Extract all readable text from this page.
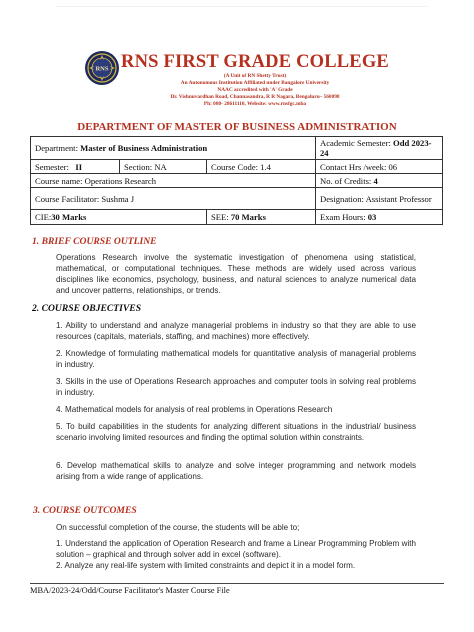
RNS RNS FIRST GRADE COLLEGE
(A Unit of RN Shetty Trust)
An Autonomous Institution Affiliated under Bangalore University
NAAC accredited with 'A' Grade
Dr. Vishnuvardhan Road, Channasandra, R R Nagara, Bengaluru– 560098
Ph: 080- 28611110, Website: www.rnsfgc.mba
DEPARTMENT OF MASTER OF BUSINESS ADMINISTRATION
Department: Master of Business Administration			Academic Semester: Odd 2023-24
Semester: II	Section: NA	Course Code: 1.4	Contact Hrs /week: 06
Course name: Operations Research			No. of Credits: 4
Course Facilitator: Sushma J			Designation: Assistant Professor
CIE:30 Marks		SEE: 70 Marks	Exam Hours: 03
1. BRIEF COURSE OUTLINE
Operations Research involve the systematic investigation of phenomena using statistical, mathematical, or computational techniques. These methods are widely used across various disciplines like economics, psychology, business, and natural sciences to analyze numerical data and uncover patterns, relationships, or trends.
2. COURSE OBJECTIVES
1. Ability to understand and analyze managerial problems in industry so that they are able to use resources (capitals, materials, staffing, and machines) more effectively.
2. Knowledge of formulating mathematical models for quantitative analysis of managerial problems in industry.
3. Skills in the use of Operations Research approaches and computer tools in solving real problems in industry.
4. Mathematical models for analysis of real problems in Operations Research
5. To build capabilities in the students for analyzing different situations in the industrial/ business scenario involving limited resources and finding the optimal solution within constraints.
6. Develop mathematical skills to analyze and solve integer programming and network models arising from a wide range of applications.
3. COURSE OUTCOMES
On successful completion of the course, the students will be able to;
1. Understand the application of Operation Research and frame a Linear Programming Problem with solution – graphical and through solver add in excel (software).
2. Analyze any real-life system with limited constraints and depict it in a model form.
MBA/2023-24/Odd/Course Facilitator's Master Course File
